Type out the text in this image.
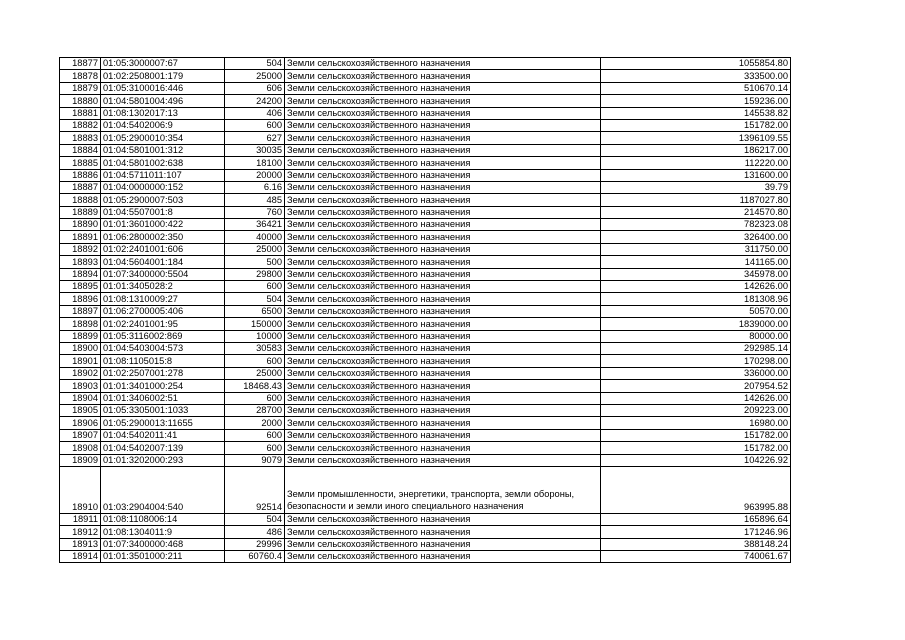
18877	01:05:3000007:67	504	Земли сельскохозяйственного назначения	1055854.80
18878	01:02:2508001:179	25000	Земли сельскохозяйственного назначения	333500.00
18879	01:05:3100016:446	606	Земли сельскохозяйственного назначения	510670.14
18880	01:04:5801004:496	24200	Земли сельскохозяйственного назначения	159236.00
18881	01:08:1302017:13	406	Земли сельскохозяйственного назначения	145538.82
18882	01:04:5402006:9	600	Земли сельскохозяйственного назначения	151782.00
18883	01:05:2900010:354	627	Земли сельскохозяйственного назначения	1396109.55
18884	01:04:5801001:312	30035	Земли сельскохозяйственного назначения	186217.00
18885	01:04:5801002:638	18100	Земли сельскохозяйственного назначения	112220.00
18886	01:04:5711011:107	20000	Земли сельскохозяйственного назначения	131600.00
18887	01:04:0000000:152	6.16	Земли сельскохозяйственного назначения	39.79
18888	01:05:2900007:503	485	Земли сельскохозяйственного назначения	1187027.80
18889	01:04:5507001:8	760	Земли сельскохозяйственного назначения	214570.80
18890	01:01:3601000:422	36421	Земли сельскохозяйственного назначения	782323.08
18891	01:06:2800002:350	40000	Земли сельскохозяйственного назначения	326400.00
18892	01:02:2401001:606	25000	Земли сельскохозяйственного назначения	311750.00
18893	01:04:5604001:184	500	Земли сельскохозяйственного назначения	141165.00
18894	01:07:3400000:5504	29800	Земли сельскохозяйственного назначения	345978.00
18895	01:01:3405028:2	600	Земли сельскохозяйственного назначения	142626.00
18896	01:08:1310009:27	504	Земли сельскохозяйственного назначения	181308.96
18897	01:06:2700005:406	6500	Земли сельскохозяйственного назначения	50570.00
18898	01:02:2401001:95	150000	Земли сельскохозяйственного назначения	1839000.00
18899	01:05:3116002:869	10000	Земли сельскохозяйственного назначения	80000.00
18900	01:04:5403004:573	30583	Земли сельскохозяйственного назначения	292985.14
18901	01:08:1105015:8	600	Земли сельскохозяйственного назначения	170298.00
18902	01:02:2507001:278	25000	Земли сельскохозяйственного назначения	336000.00
18903	01:01:3401000:254	18468.43	Земли сельскохозяйственного назначения	207954.52
18904	01:01:3406002:51	600	Земли сельскохозяйственного назначения	142626.00
18905	01:05:3305001:1033	28700	Земли сельскохозяйственного назначения	209223.00
18906	01:05:2900013:11655	2000	Земли сельскохозяйственного назначения	16980.00
18907	01:04:5402011:41	600	Земли сельскохозяйственного назначения	151782.00
18908	01:04:5402007:139	600	Земли сельскохозяйственного назначения	151782.00
18909	01:01:3202000:293	9079	Земли сельскохозяйственного назначения	104226.92
18910	01:03:2904004:540	92514	Земли промышленности, энергетики, транспорта, земли обороны, безопасности и земли иного специального назначения	963995.88
18911	01:08:1108006:14	504	Земли сельскохозяйственного назначения	165896.64
18912	01:08:1304011:9	486	Земли сельскохозяйственного назначения	171246.96
18913	01:07:3400000:468	29996	Земли сельскохозяйственного назначения	388148.24
18914	01:01:3501000:211	60760.4	Земли сельскохозяйственного назначения	740061.67
